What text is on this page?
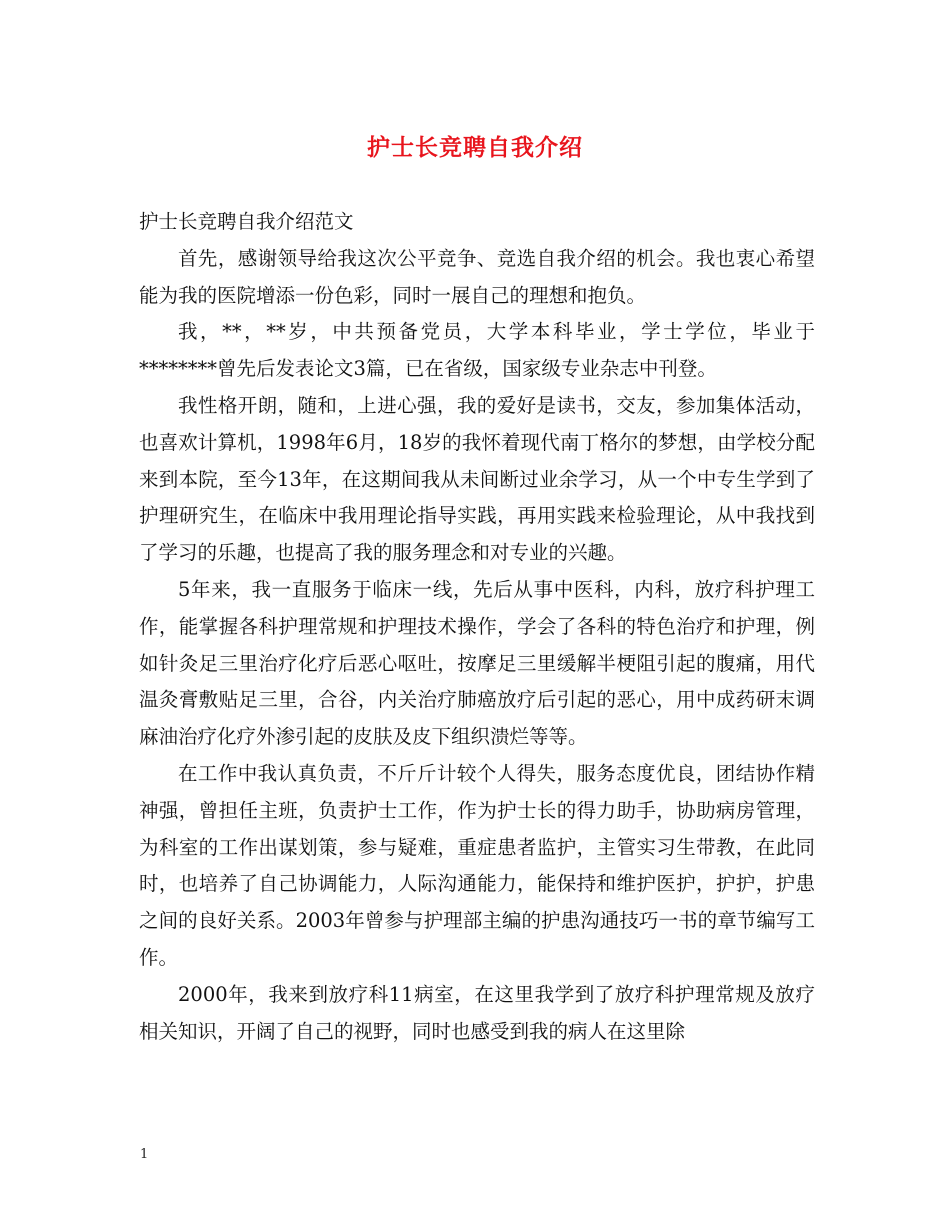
护士长竞聘自我介绍

护士长竞聘自我介绍范文

首先，感谢领导给我这次公平竞争、竞选自我介绍的机会。我也衷心希望能为我的医院增添一份色彩，同时一展自己的理想和抱负。

我，**，**岁，中共预备党员，大学本科毕业，学士学位，毕业于********曾先后发表论文3篇，已在省级，国家级专业杂志中刊登。

我性格开朗，随和，上进心强，我的爱好是读书，交友，参加集体活动，也喜欢计算机，1998年6月，18岁的我怀着现代南丁格尔的梦想，由学校分配来到本院，至今13年，在这期间我从未间断过业余学习，从一个中专生学到了护理研究生，在临床中我用理论指导实践，再用实践来检验理论，从中我找到了学习的乐趣，也提高了我的服务理念和对专业的兴趣。

5年来，我一直服务于临床一线，先后从事中医科，内科，放疗科护理工作，能掌握各科护理常规和护理技术操作，学会了各科的特色治疗和护理，例如针灸足三里治疗化疗后恶心呕吐，按摩足三里缓解半梗阻引起的腹痛，用代温灸膏敷贴足三里，合谷，内关治疗肺癌放疗后引起的恶心，用中成药研末调麻油治疗化疗外渗引起的皮肤及皮下组织溃烂等等。

在工作中我认真负责，不斤斤计较个人得失，服务态度优良，团结协作精神强，曾担任主班，负责护士工作，作为护士长的得力助手，协助病房管理，为科室的工作出谋划策，参与疑难，重症患者监护，主管实习生带教，在此同时，也培养了自己协调能力，人际沟通能力，能保持和维护医护，护护，护患之间的良好关系。2003年曾参与护理部主编的护患沟通技巧一书的章节编写工作。

2000年，我来到放疗科11病室，在这里我学到了放疗科护理常规及放疗相关知识，开阔了自己的视野，同时也感受到我的病人在这里除

1
